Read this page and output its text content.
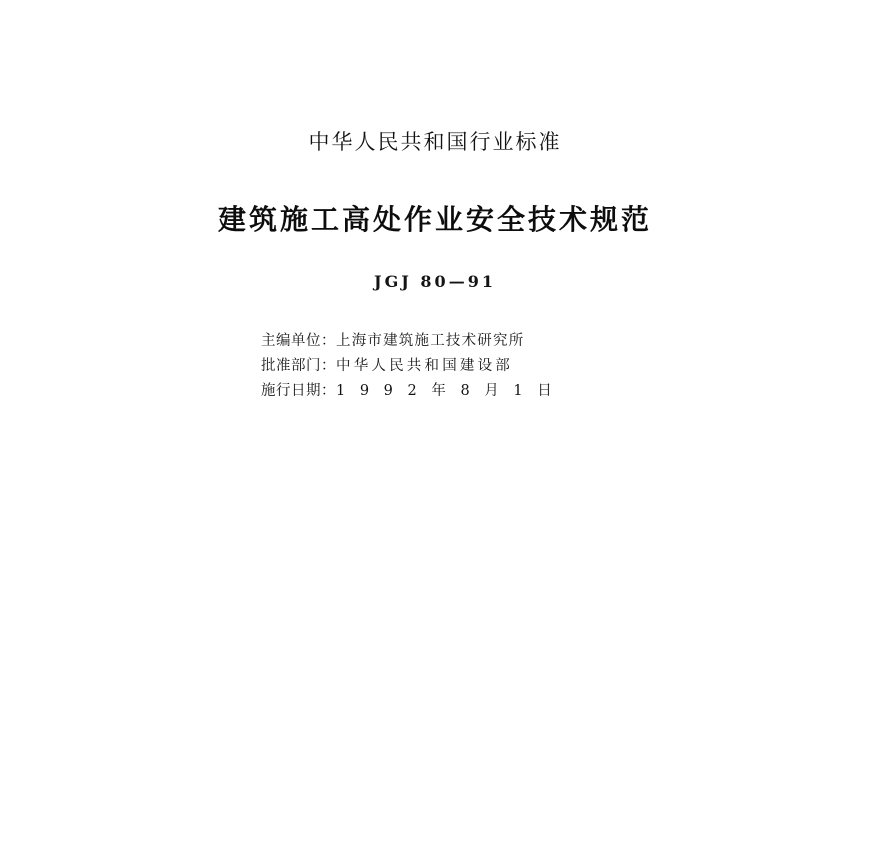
中华人民共和国行业标准
建筑施工高处作业安全技术规范
JGJ 80—91
主编单位：上海市建筑施工技术研究所
批准部门：中华人民共和国建设部
施行日期：1 9 9 2 年 8 月 1 日
